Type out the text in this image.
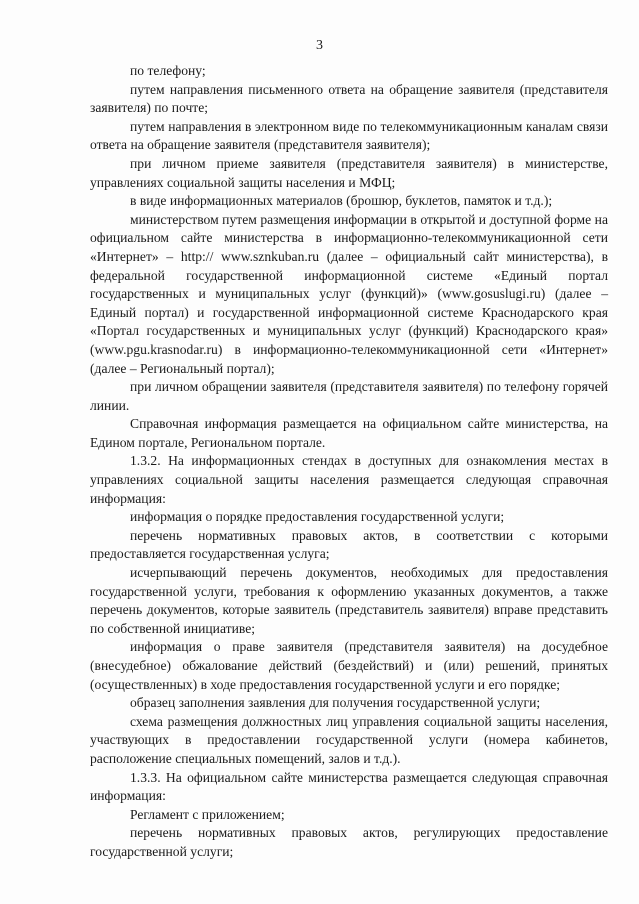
3

по телефону;

путем направления письменного ответа на обращение заявителя (представителя заявителя) по почте;

путем направления в электронном виде по телекоммуникационным каналам связи ответа на обращение заявителя (представителя заявителя);

при личном приеме заявителя (представителя заявителя) в министерстве, управлениях социальной защиты населения и МФЦ;

в виде информационных материалов (брошюр, буклетов, памяток и т.д.);

министерством путем размещения информации в открытой и доступной форме на официальном сайте министерства в информационно-телекоммуникационной сети «Интернет» – http:// www.sznkuban.ru (далее – официальный сайт министерства), в федеральной государственной информационной системе «Единый портал государственных и муниципальных услуг (функций)» (www.gosuslugi.ru) (далее – Единый портал) и государственной информационной системе Краснодарского края «Портал государственных и муниципальных услуг (функций) Краснодарского края» (www.pgu.krasnodar.ru) в информационно-телекоммуникационной сети «Интернет» (далее – Региональный портал);

при личном обращении заявителя (представителя заявителя) по телефону горячей линии.

Справочная информация размещается на официальном сайте министерства, на Едином портале, Региональном портале.

1.3.2. На информационных стендах в доступных для ознакомления местах в управлениях социальной защиты населения размещается следующая справочная информация:

информация о порядке предоставления государственной услуги;

перечень нормативных правовых актов, в соответствии с которыми предоставляется государственная услуга;

исчерпывающий перечень документов, необходимых для предоставления государственной услуги, требования к оформлению указанных документов, а также перечень документов, которые заявитель (представитель заявителя) вправе представить по собственной инициативе;

информация о праве заявителя (представителя заявителя) на досудебное (внесудебное) обжалование действий (бездействий) и (или) решений, принятых (осуществленных) в ходе предоставления государственной услуги и его порядке;

образец заполнения заявления для получения государственной услуги;

схема размещения должностных лиц управления социальной защиты населения, участвующих в предоставлении государственной услуги (номера кабинетов, расположение специальных помещений, залов и т.д.).

1.3.3. На официальном сайте министерства размещается следующая справочная информация:

Регламент с приложением;

перечень нормативных правовых актов, регулирующих предоставление государственной услуги;
